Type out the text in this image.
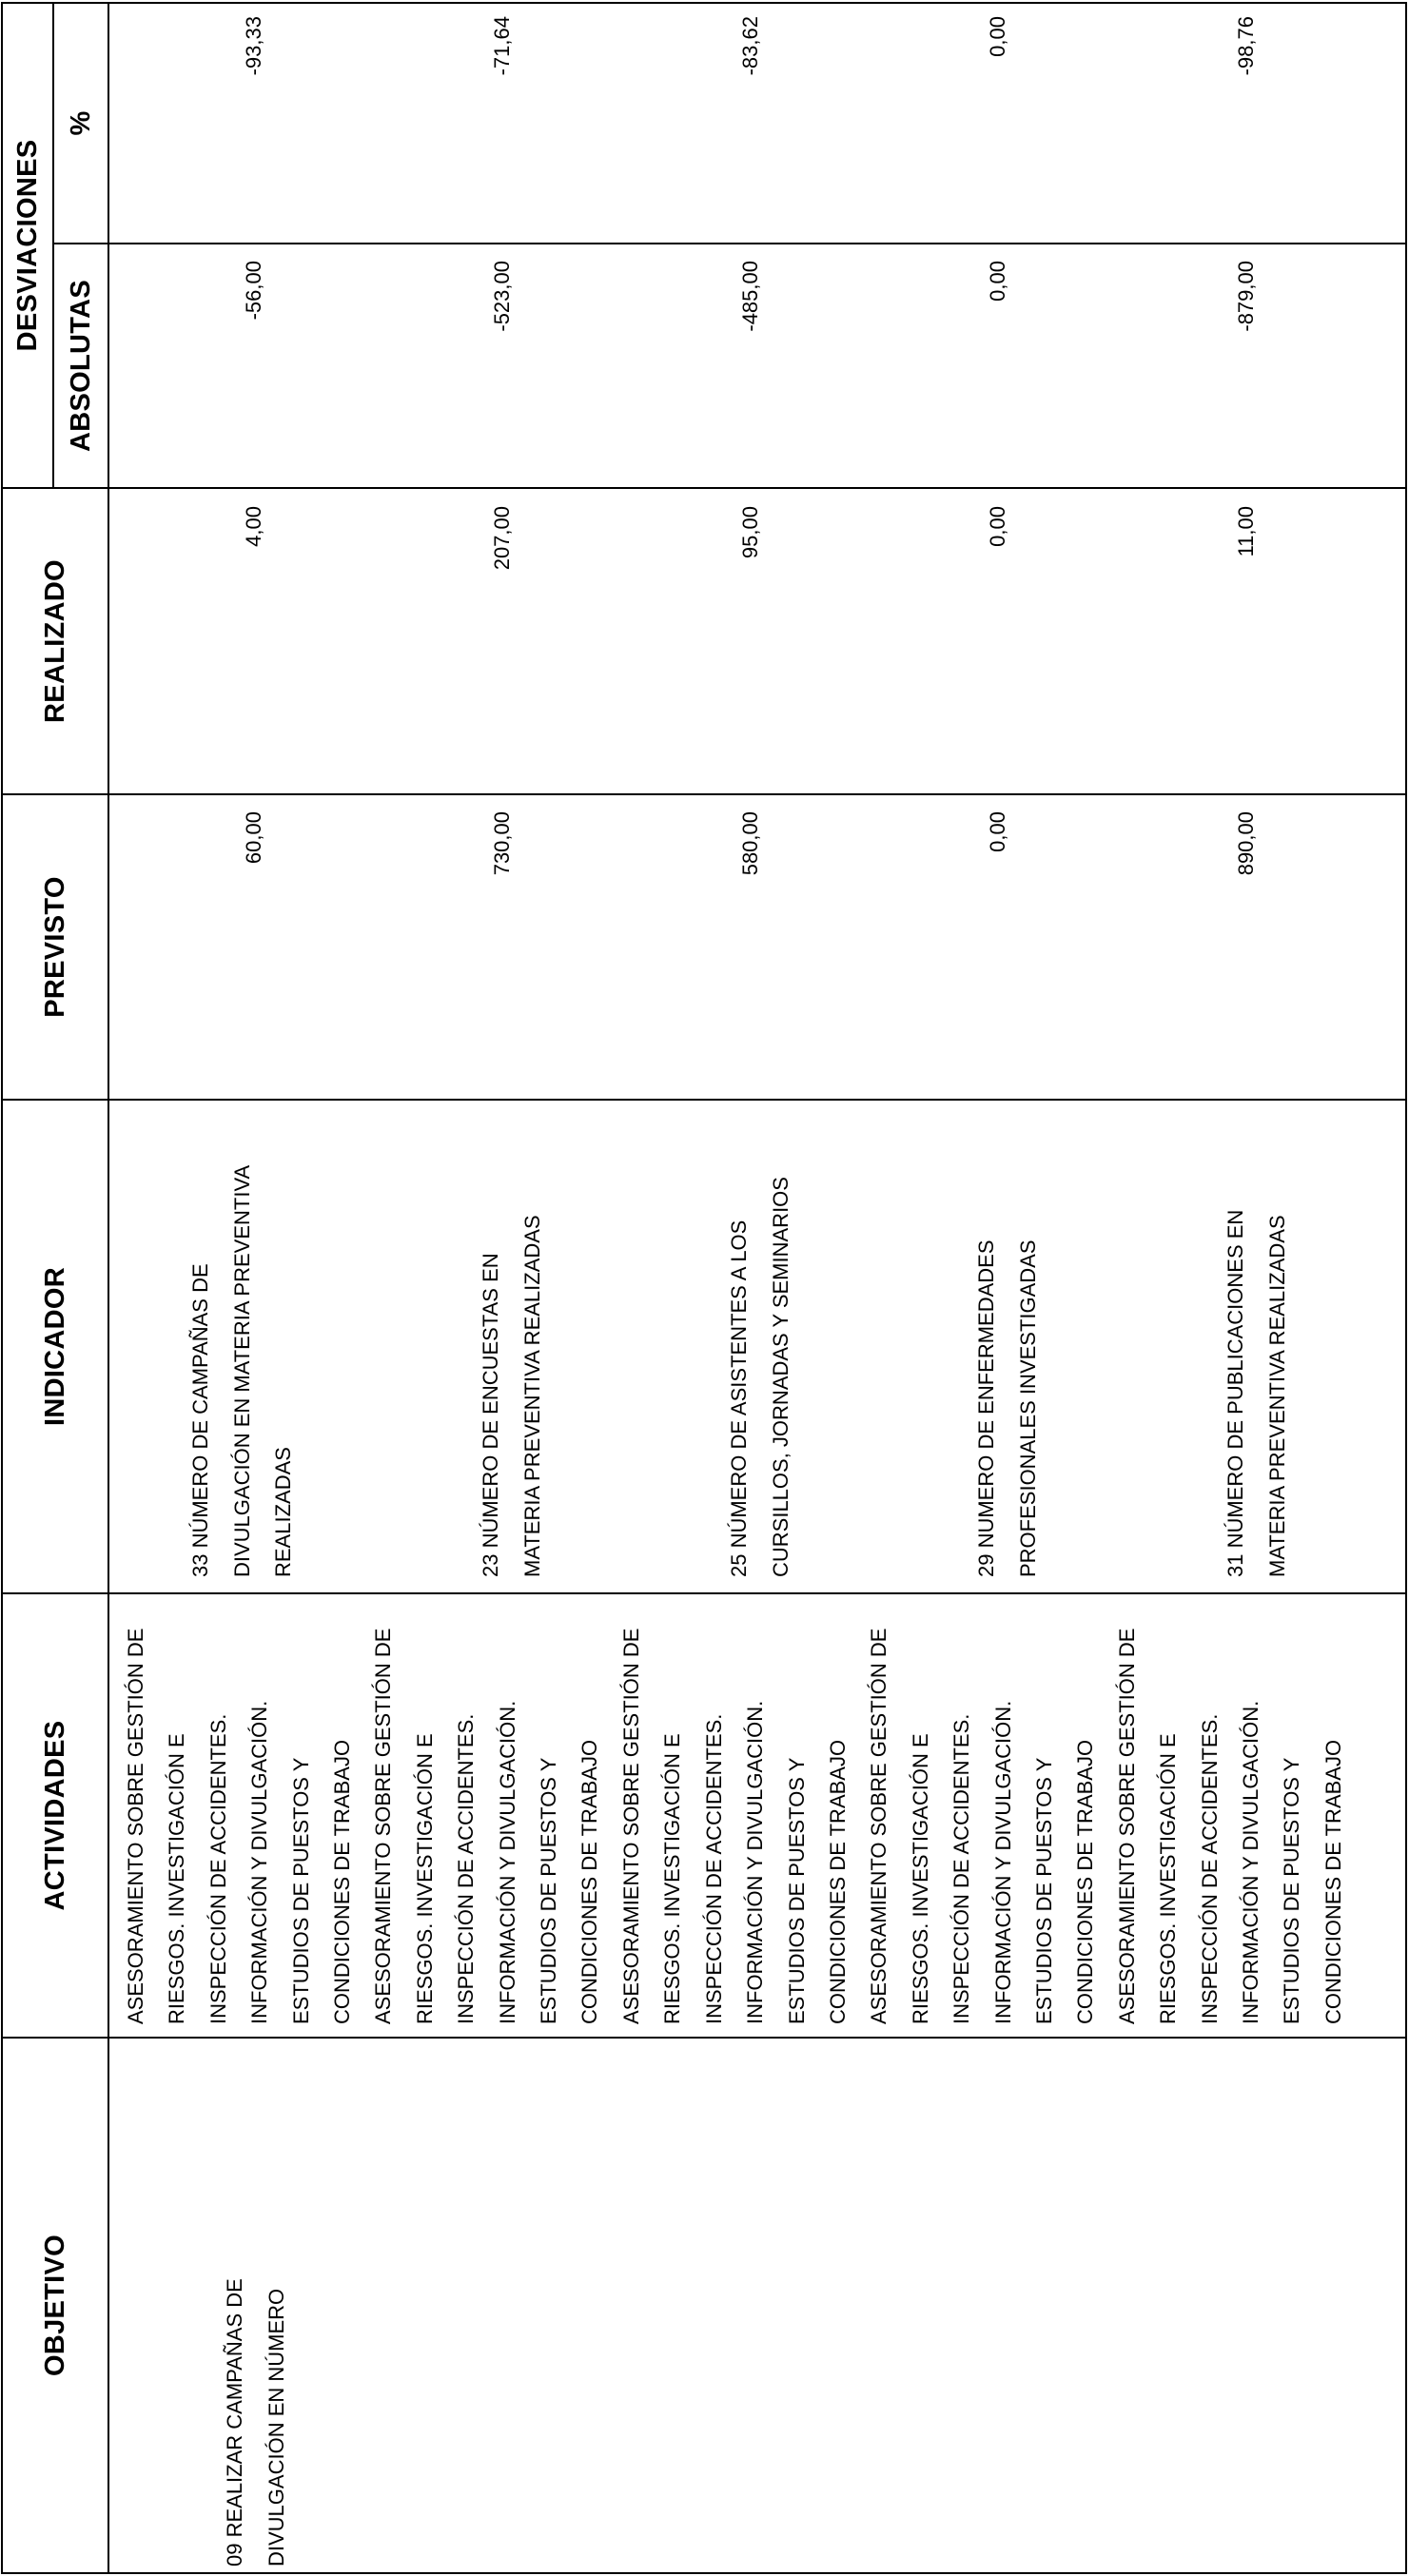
OBJETIVO
ACTIVIDADES
INDICADOR
PREVISTO
REALIZADO
DESVIACIONES
ABSOLUTAS
%
09 REALIZAR CAMPAÑAS DE DIVULGACIÓN EN NÚMERO
ASESORAMIENTO SOBRE GESTIÓN DE RIESGOS. INVESTIGACIÓN E INSPECCIÓN DE ACCIDENTES. INFORMACIÓN Y DIVULGACIÓN. ESTUDIOS DE PUESTOS Y CONDICIONES DE TRABAJO ASESORAMIENTO SOBRE GESTIÓN DE RIESGOS. INVESTIGACIÓN E INSPECCIÓN DE ACCIDENTES. INFORMACIÓN Y DIVULGACIÓN. ESTUDIOS DE PUESTOS Y CONDICIONES DE TRABAJO ASESORAMIENTO SOBRE GESTIÓN DE RIESGOS. INVESTIGACIÓN E INSPECCIÓN DE ACCIDENTES. INFORMACIÓN Y DIVULGACIÓN. ESTUDIOS DE PUESTOS Y CONDICIONES DE TRABAJO ASESORAMIENTO SOBRE GESTIÓN DE RIESGOS. INVESTIGACIÓN E INSPECCIÓN DE ACCIDENTES. INFORMACIÓN Y DIVULGACIÓN. ESTUDIOS DE PUESTOS Y CONDICIONES DE TRABAJO ASESORAMIENTO SOBRE GESTIÓN DE RIESGOS. INVESTIGACIÓN E INSPECCIÓN DE ACCIDENTES. INFORMACIÓN Y DIVULGACIÓN. ESTUDIOS DE PUESTOS Y CONDICIONES DE TRABAJO
33 NÚMERO DE CAMPAÑAS DE DIVULGACIÓN EN MATERIA PREVENTIVA REALIZADAS
60,00
4,00
-56,00
-93,33
23 NÚMERO DE ENCUESTAS EN MATERIA PREVENTIVA REALIZADAS
730,00
207,00
-523,00
-71,64
25 NÚMERO DE ASISTENTES A LOS CURSILLOS, JORNADAS Y SEMINARIOS
580,00
95,00
-485,00
-83,62
29 NUMERO DE ENFERMEDADES PROFESIONALES INVESTIGADAS
0,00
0,00
0,00
0,00
31 NÚMERO DE PUBLICACIONES EN MATERIA PREVENTIVA REALIZADAS
890,00
11,00
-879,00
-98,76
